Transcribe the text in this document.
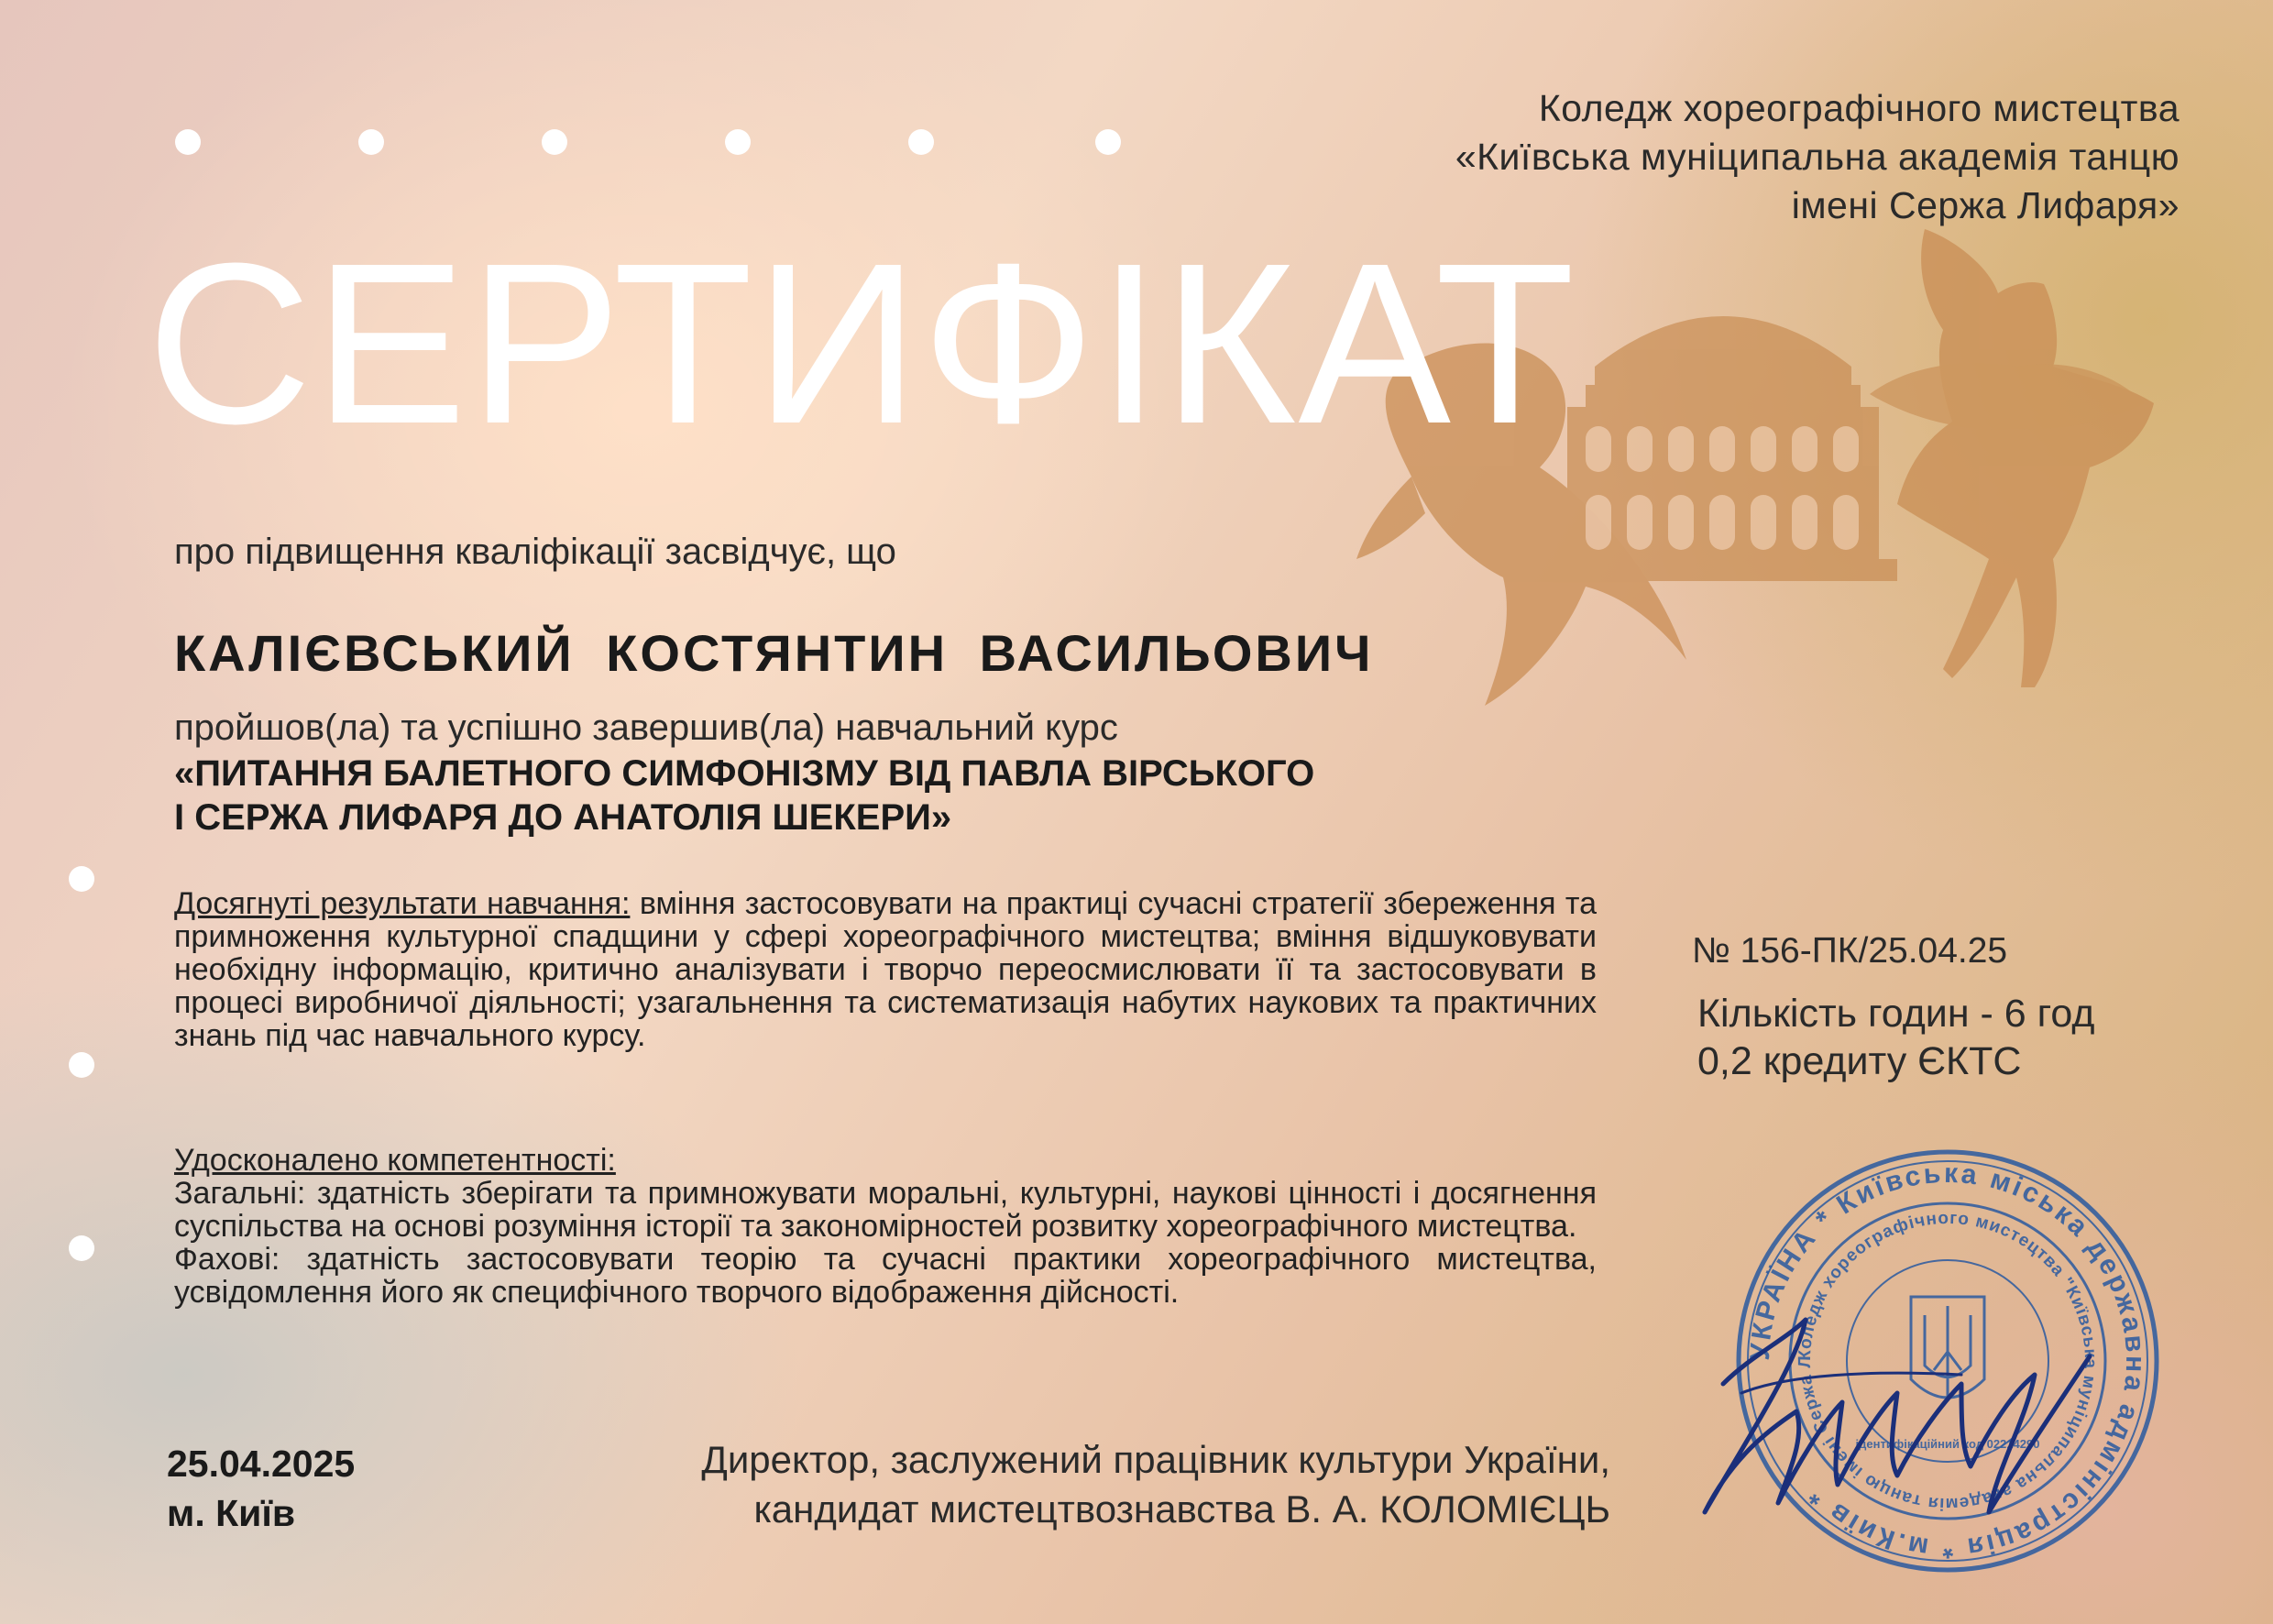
Коледж хореографічного мистецтва
«Київська муніципальна академія танцю
імені Сержа Лифаря»
СЕРТИФІКАТ
про підвищення кваліфікації засвідчує, що
КАЛІЄВСЬКИЙ КОСТЯНТИН ВАСИЛЬОВИЧ
пройшов(ла) та успішно завершив(ла) навчальний курс
«ПИТАННЯ БАЛЕТНОГО СИМФОНІЗМУ ВІД ПАВЛА ВІРСЬКОГО
І СЕРЖА ЛИФАРЯ ДО АНАТОЛІЯ ШЕКЕРИ»
Досягнуті результати навчання: вміння застосовувати на практиці сучасні стратегії збереження та примноження культурної спадщини у сфері хореографічного мистецтва; вміння відшуковувати необхідну інформацію, критично аналізувати і творчо переосмислювати її та застосовувати в процесі виробничої діяльності; узагальнення та систематизація набутих наукових та практичних знань під час навчального курсу.

Удосконалено компетентності:

Загальні: здатність зберігати та примножувати моральні, культурні, наукові цінності і досягнення суспільства на основі розуміння історії та закономірностей розвитку хореографічного мистецтва.

Фахові: здатність застосовувати теорію та сучасні практики хореографічного мистецтва, усвідомлення його як специфічного творчого відображення дійсності.

№ 156-ПК/25.04.25
Кількість годин - 6 год
0,2 кредиту ЄКТС
25.04.2025
м. Київ
Директор, заслужений працівник культури України,
кандидат мистецтвознавства В. А. КОЛОМІЄЦЬ
УКРАЇНА * Київська міська державна адміністрація * м.Київ *
Коледж хореографічного мистецтва "Київська муніципальна академія танцю імені Сержа Л
ідентифікаційний код 02214290
